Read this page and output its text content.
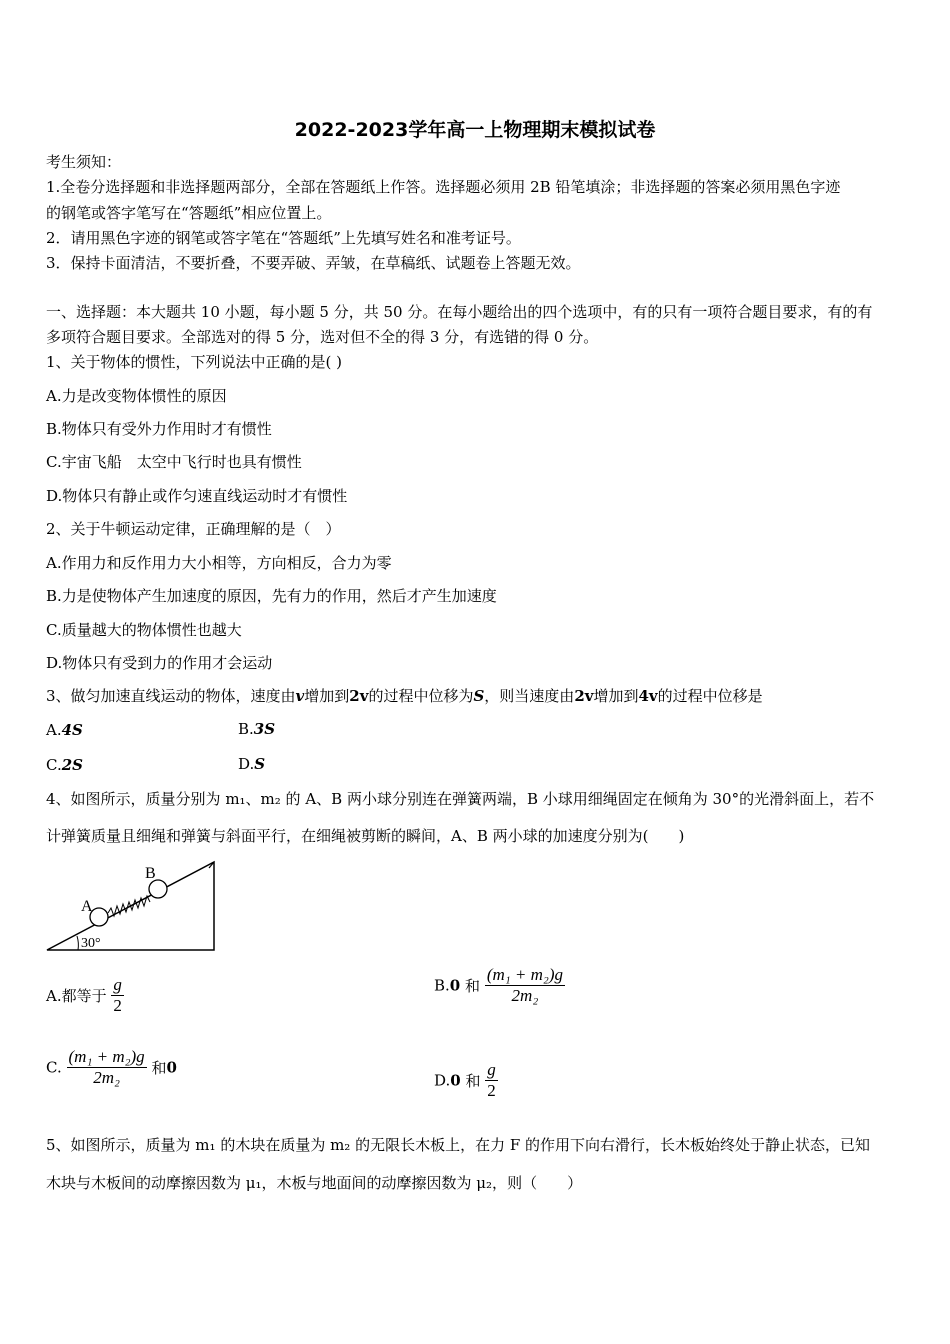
2022-2023学年高一上物理期末模拟试卷
考生须知：
1.全卷分选择题和非选择题两部分，全部在答题纸上作答。选择题必须用 2B 铅笔填涂；非选择题的答案必须用黑色字迹
的钢笔或答字笔写在“答题纸”相应位置上。
2．请用黑色字迹的钢笔或答字笔在“答题纸”上先填写姓名和准考证号。
3．保持卡面清洁，不要折叠，不要弄破、弄皱，在草稿纸、试题卷上答题无效。
一、选择题：本大题共 10 小题，每小题 5 分，共 50 分。在每小题给出的四个选项中，有的只有一项符合题目要求，有的有
多项符合题目要求。全部选对的得 5 分，选对但不全的得 3 分，有选错的得 0 分。
1、关于物体的惯性，下列说法中正确的是( )
A.力是改变物体惯性的原因
B.物体只有受外力作用时才有惯性
C.宇宙飞船　太空中飞行时也具有惯性
D.物体只有静止或作匀速直线运动时才有惯性
2、关于牛顿运动定律，正确理解的是（　）
A.作用力和反作用力大小相等，方向相反，合力为零
B.力是使物体产生加速度的原因，先有力的作用，然后才产生加速度
C.质量越大的物体惯性也越大
D.物体只有受到力的作用才会运动
3、做匀加速直线运动的物体，速度由v增加到2v的过程中位移为S，则当速度由2v增加到4v的过程中位移是
A.4S	B.3S
C.2S	D.S
4、如图所示，质量分别为 m₁、m₂ 的 A、B 两小球分别连在弹簧两端，B 小球用细绳固定在倾角为 30°的光滑斜面上，若不
计弹簧质量且细绳和弹簧与斜面平行，在细绳被剪断的瞬间，A、B 两小球的加速度分别为(　　)
A
B
30°
A.都等于 $\frac{g}{2}$	B.0 和 $\frac{\text{(m₁ + m₂)g}}{\text{2m₂}}$
C. $\frac{\text{(m₁ + m₂)g}}{\text{2m₂}}$ 和0
D.0 和 $\frac{g}{2}$
5、如图所示，质量为 m₁ 的木块在质量为 m₂ 的无限长木板上，在力 F 的作用下向右滑行，长木板始终处于静止状态，已知
木块与木板间的动摩擦因数为 μ₁，木板与地面间的动摩擦因数为 μ₂，则（　　）
